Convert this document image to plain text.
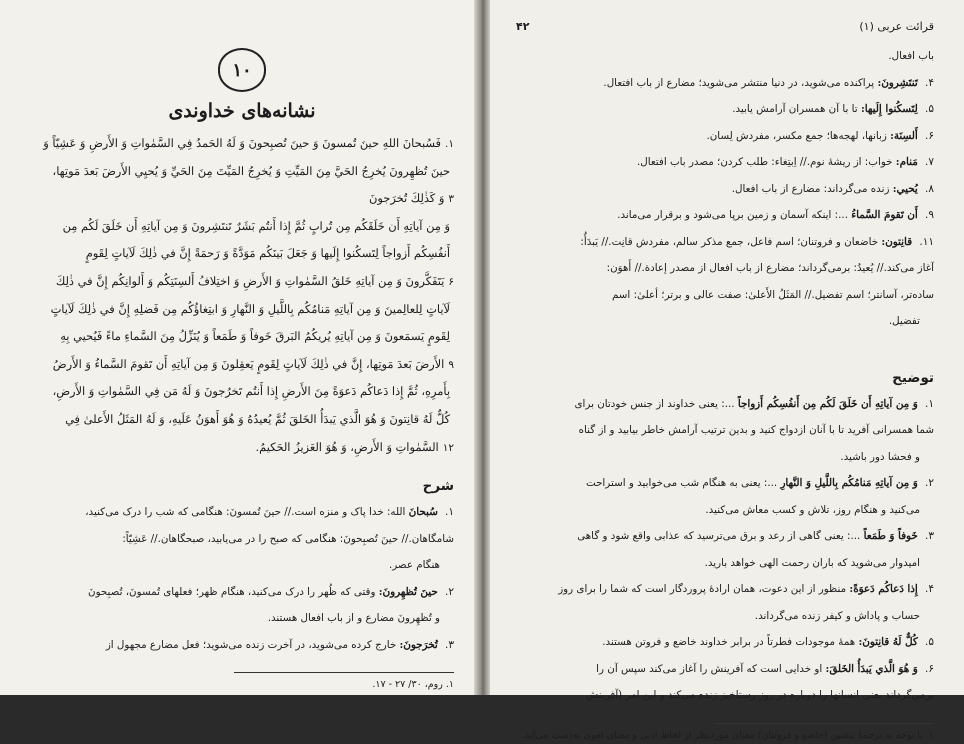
۱۰
نشانه‌های خداوندی
۱.فَسُبحانَ اللهِ حينَ تُمسونَ وَ حينَ تُصبِحونَ وَ لَهُ الحَمدُ فِي السَّمٰواتِ وَ الأَرضِ وَ عَشِيّاً وَ
حينَ تُظهِرونَ يُخرِجُ الحَيَّ مِنَ المَيِّتِ وَ يُخرِجُ المَيِّتَ مِنَ الحَيِّ وَ يُحيِي الأَرضَ بَعدَ مَوتِها،
۳وَ كَذٰلِكَ تُخرَجونَ
وَ مِن آياتِهِ أَن خَلَقَكُم مِن تُرابٍ ثُمَّ إِذا أَنتُم بَشَرٌ تَنتَشِرونَ وَ مِن آياتِهِ أَن خَلَقَ لَكُم مِن
أَنفُسِكُم أَزواجاً لِتَسكُنوا إِلَيها وَ جَعَلَ بَينَكُم مَوَدَّةً وَ رَحمَةً إِنَّ في ذٰلِكَ لَآياتٍ لِقَومٍ
۶يَتَفَكَّرونَ وَ مِن آياتِهِ خَلقُ السَّمٰواتِ وَ الأَرضِ وَ اختِلافُ أَلسِنَتِكُم وَ أَلوانِكُم إِنَّ في ذٰلِكَ
لَآياتٍ لِلعالِمينَ وَ مِن آياتِهِ مَنامُكُم بِاللَّيلِ وَ النَّهارِ وَ ابتِغاؤُكُم مِن فَضلِهِ إِنَّ في ذٰلِكَ لَآياتٍ
لِقَومٍ يَسمَعونَ وَ مِن آياتِهِ يُريكُمُ البَرقَ خَوفاً وَ طَمَعاً وَ يُنَزِّلُ مِنَ السَّماءِ ماءً فَيُحيي بِهِ
۹الأَرضَ بَعدَ مَوتِها، إِنَّ في ذٰلِكَ لَآياتٍ لِقَومٍ يَعقِلونَ وَ مِن آياتِهِ أَن تَقومَ السَّماءُ وَ الأَرضُ
بِأَمرِهِ، ثُمَّ إِذا دَعاكُم دَعوَةً مِنَ الأَرضِ إِذا أَنتُم تَخرُجونَ وَ لَهُ مَن فِي السَّمٰواتِ وَ الأَرضِ،
كُلٌّ لَهُ قانِتونَ وَ هُوَ الَّذي يَبدَأُ الخَلقَ ثُمَّ يُعيدُهُ وَ هُوَ أَهوَنُ عَلَيهِ، وَ لَهُ المَثَلُ الأَعلىٰ فِي
۱۲السَّمٰواتِ وَ الأَرضِ، وَ هُوَ العَزيزُ الحَكيمُ.
شرح
۱. سُبحانَ الله: خدا پاک و منزه است.// حينَ تُمسونَ: هنگامی که شب را درک می‌کنید،
شامگاهان.// حينَ تُصبِحونَ: هنگامی که صبح را در می‌یابید، صبحگاهان.// عَشِيّاً:
هنگام عصر.
۲. حينَ تُظهِرونَ: وقتی که ظُهر را درک می‌کنید، هنگام ظهر؛ فعلهای تُمسونَ، تُصبِحونَ
و تُظهِرونَ مضارع و از باب افعال هستند.
۳. تُخرَجونَ: خارج کرده می‌شوید، در آخرت زنده می‌شوید؛ فعل مضارع مجهول از
۱. روم، ۳۰/ ۲۷ - ۱۷.
قرائت عربی (۱)
۴۲
باب افعال.
۴. تَنتَشِرونَ: پراکنده می‌شوید، در دنیا منتشر می‌شوید؛ مضارع از باب افتعال.
۵. لِتَسكُنوا إِلَيها: تا با آن همسران آرامش یابید.
۶. أَلسِنَة: زبانها، لهجه‌ها؛ جمع مکسر، مفردش لِسان.
۷. مَنام: خواب: از ریشهٔ نوم.// اِبتِغاء: طلب کردن؛ مصدر باب افتعال.
۸. يُحيي: زنده می‌گرداند: مضارع از باب افعال.
۹. أَن تَقومَ السَّماءُ ...: اینکه آسمان و زمین برپا می‌شود و برقرار می‌ماند.
۱۱. قانِتون: خاضعان و فروتنان؛ اسم فاعل، جمع مذکر سالم، مفردش قانِت.// يَبدَأُ:
آغاز می‌کند.// يُعيدُ: برمی‌گرداند؛ مضارع از باب افعال از مصدر إعادة.// أَهوَن:
ساده‌تر، آسانتر؛ اسم تفضیل.// المَثَلُ الأَعلىٰ: صفت عالی و برتر؛ أعلىٰ: اسم
تفضیل.
توضیح
۱. وَ مِن آياتِهِ أَن خَلَقَ لَكُم مِن أَنفُسِكُم أَزواجاً ...: یعنی خداوند از جنس خودتان برای
شما همسرانی آفرید تا با آنان ازدواج کنید و بدین ترتیب آرامش خاطر بیابید و از گناه
و فحشا دور باشید.
۲. وَ مِن آياتِهِ مَنامُكُم بِاللَّيلِ وَ النَّهارِ ...: یعنی به هنگام شب می‌خوابید و استراحت
می‌کنید و هنگام روز، تلاش و کسب معاش می‌کنید.
۳. خَوفاً وَ طَمَعاً ...: یعنی گاهی از رعد و برق می‌ترسید که عذابی واقع شود و گاهی
امیدوار می‌شوید که باران رحمت الهی خواهد بارید.
۴. إِذا دَعاكُم دَعوَةً: منظور از این دعوت، همان ارادهٔ پروردگار است که شما را برای روز
حساب و پاداش و کیفر زنده می‌گرداند.
۵. كُلٌّ لَهُ قانِتونَ: همهٔ موجودات فطرتاً در برابر خداوند خاضع و فروتن هستند.
۶. وَ هُوَ الَّذي يَبدَأُ الخَلقَ: او خدایی است که آفرینش را آغاز می‌کند سپس آن را
برمی‌گرداند یعنی انسانها را دوباره در روز رستاخیز زنده می‌کند و این امر (آفرینش
۱. با توجه به ترجمهٔ پیشین (خاضع و فروتنان) معنای موردنظر از لحاظ ادبی و معنای لغوی به‌دست می‌آید.
